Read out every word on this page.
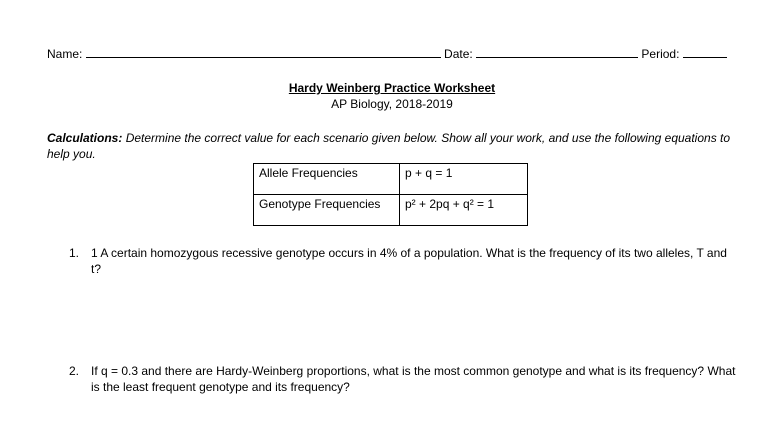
Name:	Date:	Period:
Hardy Weinberg Practice Worksheet
AP Biology, 2018-2019
Calculations: Determine the correct value for each scenario given below. Show all your work, and use the following equations to help you.
Allele Frequencies	p + q = 1
Genotype Frequencies	p² + 2pq + q² = 1
1. 1 A certain homozygous recessive genotype occurs in 4% of a population. What is the frequency of its two alleles, T and t?
2. If q = 0.3 and there are Hardy-Weinberg proportions, what is the most common genotype and what is its frequency? What is the least frequent genotype and its frequency?
